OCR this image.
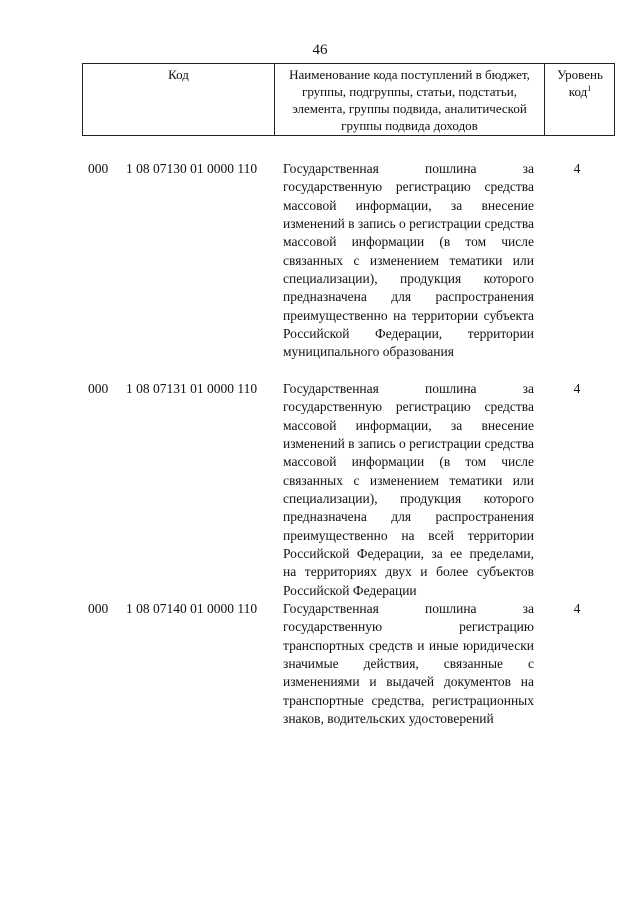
46
Код	Наименование кода поступлений в бюджет, группы, подгруппы, статьи, подстатьи, элемента, группы подвида, аналитической группы подвида доходов
Уровень код$^1$
000 1 08 07130 01 0000 110 Государственная пошлина за государственную регистрацию средства массовой информации, за внесение изменений в запись о регистрации средства массовой информации (в том числе связанных с изменением тематики или специализации), продукция которого предназначена для распространения преимущественно на территории субъекта Российской Федерации, территории муниципального образования
4
000 1 08 07131 01 0000 110 Государственная пошлина за государственную регистрацию средства массовой информации, за внесение изменений в запись о регистрации средства массовой информации (в том числе связанных с изменением тематики или специализации), продукция которого предназначена для распространения преимущественно на всей территории Российской Федерации, за ее пределами, на территориях двух и более субъектов Российской Федерации
4
000 1 08 07140 01 0000 110 Государственная пошлина за государственную регистрацию транспортных средств и иные юридически значимые действия, связанные с изменениями и выдачей документов на транспортные средства, регистрационных знаков, водительских удостоверений
4
